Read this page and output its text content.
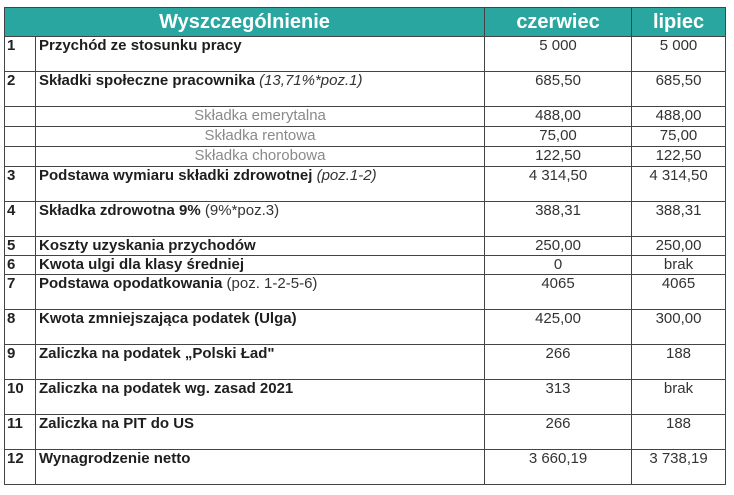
Wyszczególnienie		czerwiec	lipiec
1	Przychód ze stosunku pracy	5 000	5 000
2	Składki społeczne pracownika (13,71%*poz.1)	685,50	685,50
	Składka emerytalna	488,00	488,00
	Składka rentowa	75,00	75,00
	Składka chorobowa	122,50	122,50
3	Podstawa wymiaru składki zdrowotnej (poz.1-2)	4 314,50	4 314,50
4	Składka zdrowotna 9% (9%*poz.3)	388,31	388,31
5	Koszty uzyskania przychodów	250,00	250,00
6	Kwota ulgi dla klasy średniej	0	brak
7	Podstawa opodatkowania (poz. 1-2-5-6)	4065	4065
8	Kwota zmniejszająca podatek (Ulga)	425,00	300,00
9	Zaliczka na podatek „Polski Ład"	266	188
10	Zaliczka na podatek wg. zasad 2021	313	brak
11	Zaliczka na PIT do US	266	188
12	Wynagrodzenie netto	3 660,19	3 738,19
